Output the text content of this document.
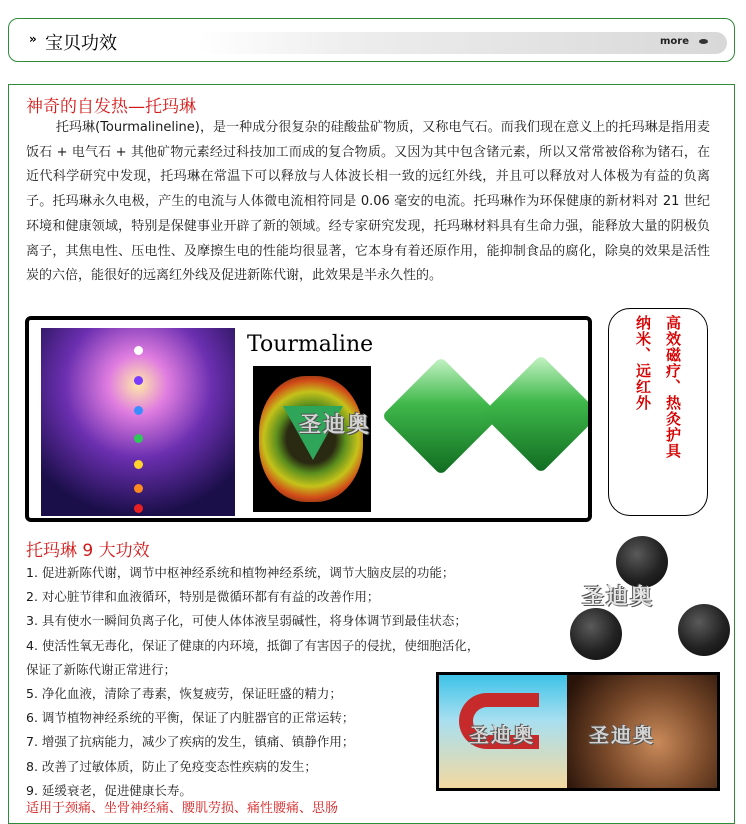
» 宝贝功效	more
神奇的自发热—托玛琳

托玛琳(Tourmalineline)，是一种成分很复杂的硅酸盐矿物质，又称电气石。而我们现在意义上的托玛琳是指用麦饭石 + 电气石 + 其他矿物元素经过科技加工而成的复合物质。又因为其中包含锗元素，所以又常常被俗称为锗石，在近代科学研究中发现，托玛琳在常温下可以释放与人体波长相一致的远红外线，并且可以释放对人体极为有益的负离子。托玛琳永久电极，产生的电流与人体微电流相符同是 0.06 毫安的电流。托玛琳作为环保健康的新材料对 21 世纪环境和健康领域，特别是保健事业开辟了新的领域。经专家研究发现，托玛琳材料具有生命力强，能释放大量的阴极负离子，其焦电性、压电性、及摩擦生电的性能均很显著，它本身有着还原作用，能抑制食品的腐化，除臭的效果是活性炭的六倍，能很好的远离红外线及促进新陈代谢，此效果是半永久性的。

Tourmaline
圣迪奥	高效磁疗、热灸护具
纳米、远红外
托玛琳 9 大功效
1. 促进新陈代谢，调节中枢神经系统和植物神经系统，调节大脑皮层的功能；
2. 对心脏节律和血液循环，特别是微循环都有有益的改善作用；
3. 具有使水一瞬间负离子化，可使人体体液呈弱碱性，将身体调节到最佳状态；
4. 使活性氧无毒化，保证了健康的内环境，抵御了有害因子的侵扰，使细胞活化，
保证了新陈代谢正常进行；
5. 净化血液，清除了毒素，恢复疲劳，保证旺盛的精力；
6. 调节植物神经系统的平衡，保证了内脏器官的正常运转；
7. 增强了抗病能力，减少了疾病的发生，镇痛、镇静作用；
8. 改善了过敏体质，防止了免疫变态性疾病的发生；
9. 延缓衰老，促进健康长寿。
圣迪奥
圣迪奥	圣迪奥
适用于颈痛、坐骨神经痛、腰肌劳损、痛性腰痛、思肠
